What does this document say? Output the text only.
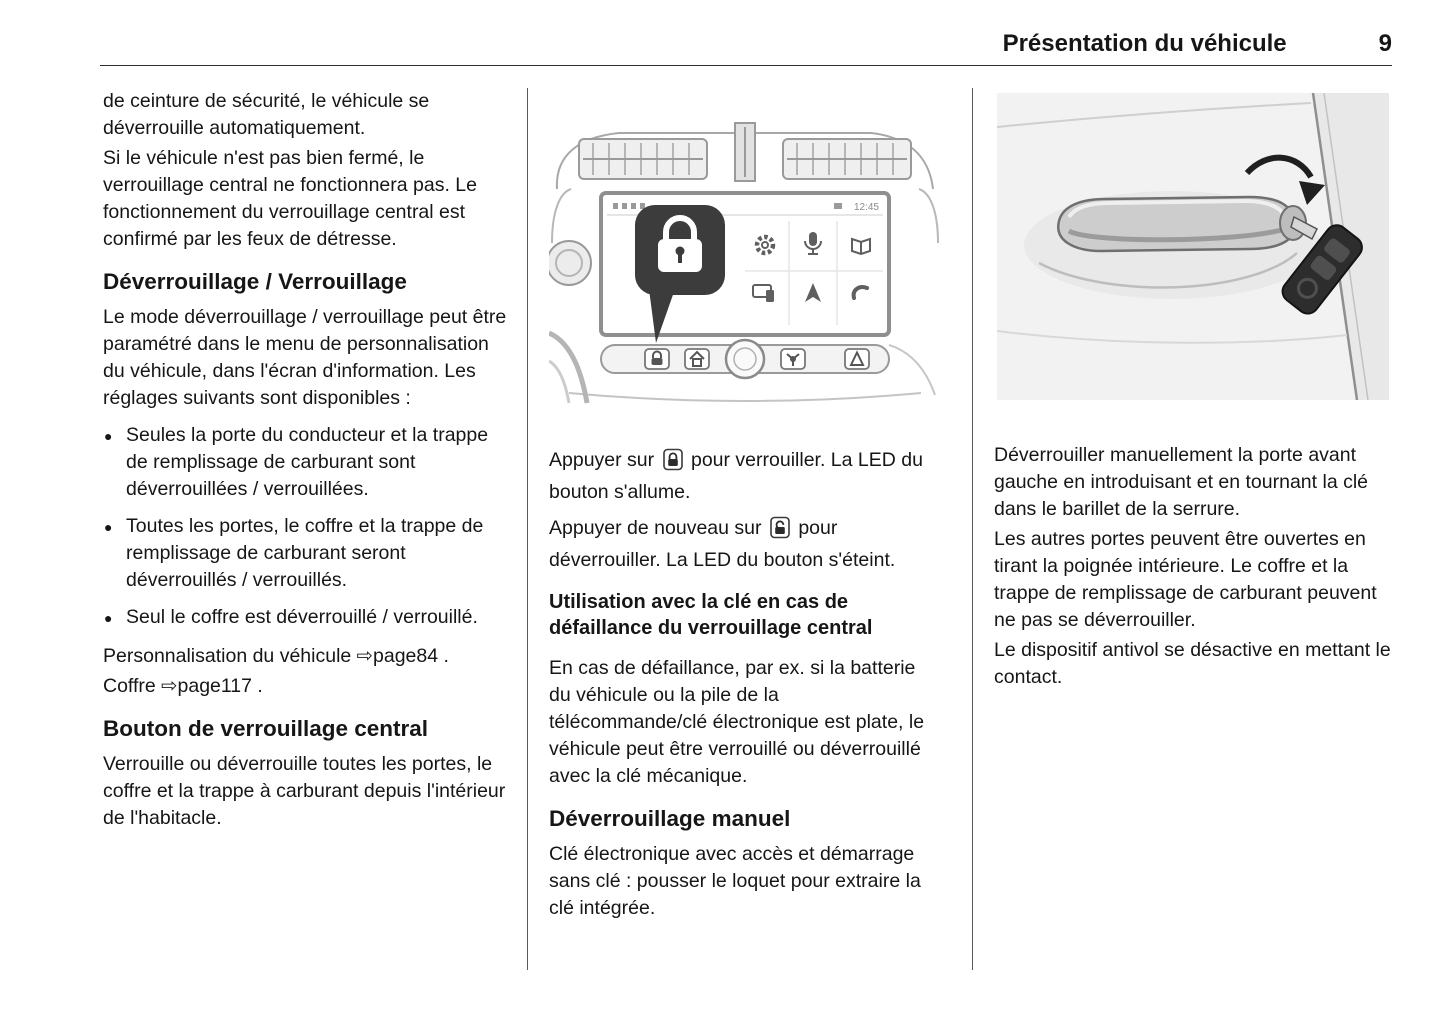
Présentation du véhicule	9

de ceinture de sécurité, le véhicule se déverrouille automatiquement.

Si le véhicule n'est pas bien fermé, le verrouillage central ne fonctionnera pas. Le fonctionnement du verrouillage central est confirmé par les feux de détresse.

Déverrouillage / Verrouillage

Le mode déverrouillage / verrouillage peut être paramétré dans le menu de personnalisation du véhicule, dans l'écran d'information. Les réglages suivants sont disponibles :

● Seules la porte du conducteur et la trappe de remplissage de carburant sont déverrouillées / verrouillées.
● Toutes les portes, le coffre et la trappe de remplissage de carburant seront déverrouillés / verrouillés.
● Seul le coffre est déverrouillé / verrouillé.

Personnalisation du véhicule ⇨page84 .

Coffre ⇨page117 .

Bouton de verrouillage central

Verrouille ou déverrouille toutes les portes, le coffre et la trappe à carburant depuis l'intérieur de l'habitacle.

12:45

Appuyer sur pour verrouiller. La LED du bouton s'allume.

Appuyer de nouveau sur pour déverrouiller. La LED du bouton s'éteint.

Utilisation avec la clé en cas de défaillance du verrouillage central

En cas de défaillance, par ex. si la batterie du véhicule ou la pile de la télécommande/clé électronique est plate, le véhicule peut être verrouillé ou déverrouillé avec la clé mécanique.

Déverrouillage manuel

Clé électronique avec accès et démarrage sans clé : pousser le loquet pour extraire la clé intégrée.

Déverrouiller manuellement la porte avant gauche en introduisant et en tournant la clé dans le barillet de la serrure.

Les autres portes peuvent être ouvertes en tirant la poignée intérieure. Le coffre et la trappe de remplissage de carburant peuvent ne pas se déverrouiller.

Le dispositif antivol se désactive en mettant le contact.
